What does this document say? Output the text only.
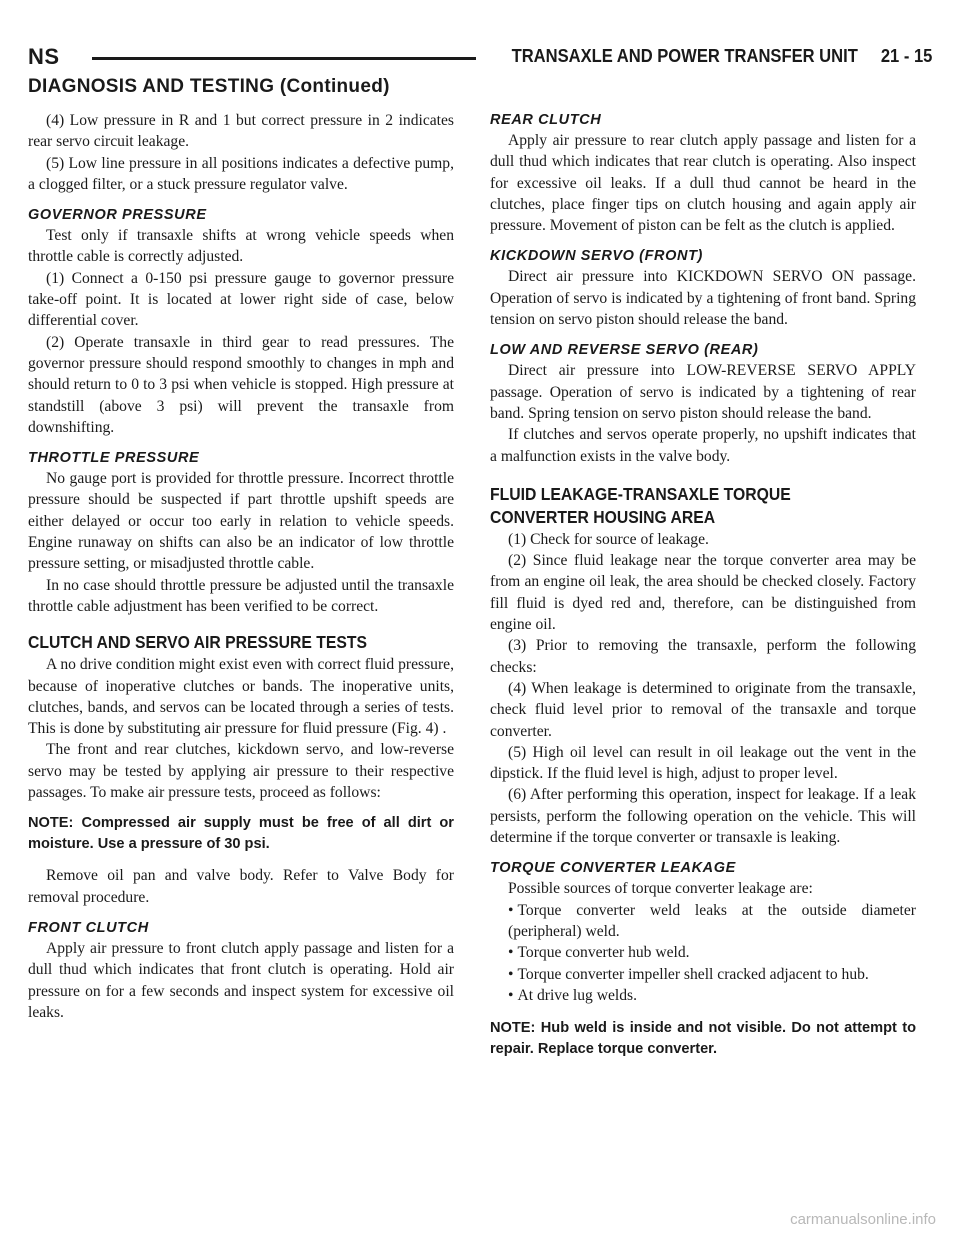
NS	TRANSAXLE AND POWER TRANSFER UNIT     21 - 15
DIAGNOSIS AND TESTING (Continued)

(4) Low pressure in R and 1 but correct pressure in 2 indicates rear servo circuit leakage.

(5) Low line pressure in all positions indicates a defective pump, a clogged filter, or a stuck pressure regulator valve.

GOVERNOR PRESSURE

Test only if transaxle shifts at wrong vehicle speeds when throttle cable is correctly adjusted.

(1) Connect a 0-150 psi pressure gauge to governor pressure take-off point. It is located at lower right side of case, below differential cover.

(2) Operate transaxle in third gear to read pressures. The governor pressure should respond smoothly to changes in mph and should return to 0 to 3 psi when vehicle is stopped. High pressure at standstill (above 3 psi) will prevent the transaxle from downshifting.

THROTTLE PRESSURE

No gauge port is provided for throttle pressure. Incorrect throttle pressure should be suspected if part throttle upshift speeds are either delayed or occur too early in relation to vehicle speeds. Engine runaway on shifts can also be an indicator of low throttle pressure setting, or misadjusted throttle cable.

In no case should throttle pressure be adjusted until the transaxle throttle cable adjustment has been verified to be correct.

CLUTCH AND SERVO AIR PRESSURE TESTS

A no drive condition might exist even with correct fluid pressure, because of inoperative clutches or bands. The inoperative units, clutches, bands, and servos can be located through a series of tests. This is done by substituting air pressure for fluid pressure (Fig. 4) .

The front and rear clutches, kickdown servo, and low-reverse servo may be tested by applying air pressure to their respective passages. To make air pressure tests, proceed as follows:

NOTE: Compressed air supply must be free of all dirt or moisture. Use a pressure of 30 psi.

Remove oil pan and valve body. Refer to Valve Body for removal procedure.

FRONT CLUTCH

Apply air pressure to front clutch apply passage and listen for a dull thud which indicates that front clutch is operating. Hold air pressure on for a few seconds and inspect system for excessive oil leaks.

REAR CLUTCH

Apply air pressure to rear clutch apply passage and listen for a dull thud which indicates that rear clutch is operating. Also inspect for excessive oil leaks. If a dull thud cannot be heard in the clutches, place finger tips on clutch housing and again apply air pressure. Movement of piston can be felt as the clutch is applied.

KICKDOWN SERVO (FRONT)

Direct air pressure into KICKDOWN SERVO ON passage. Operation of servo is indicated by a tightening of front band. Spring tension on servo piston should release the band.

LOW AND REVERSE SERVO (REAR)

Direct air pressure into LOW-REVERSE SERVO APPLY passage. Operation of servo is indicated by a tightening of rear band. Spring tension on servo piston should release the band.

If clutches and servos operate properly, no upshift indicates that a malfunction exists in the valve body.

FLUID LEAKAGE-TRANSAXLE TORQUE
CONVERTER HOUSING AREA

(1) Check for source of leakage.

(2) Since fluid leakage near the torque converter area may be from an engine oil leak, the area should be checked closely. Factory fill fluid is dyed red and, therefore, can be distinguished from engine oil.

(3) Prior to removing the transaxle, perform the following checks:

(4) When leakage is determined to originate from the transaxle, check fluid level prior to removal of the transaxle and torque converter.

(5) High oil level can result in oil leakage out the vent in the dipstick. If the fluid level is high, adjust to proper level.

(6) After performing this operation, inspect for leakage. If a leak persists, perform the following operation on the vehicle. This will determine if the torque converter or transaxle is leaking.

TORQUE CONVERTER LEAKAGE

Possible sources of torque converter leakage are:

• Torque converter weld leaks at the outside diameter (peripheral) weld.

• Torque converter hub weld.

• Torque converter impeller shell cracked adjacent to hub.

• At drive lug welds.

NOTE: Hub weld is inside and not visible. Do not attempt to repair. Replace torque converter.
carmanualsonline.info
